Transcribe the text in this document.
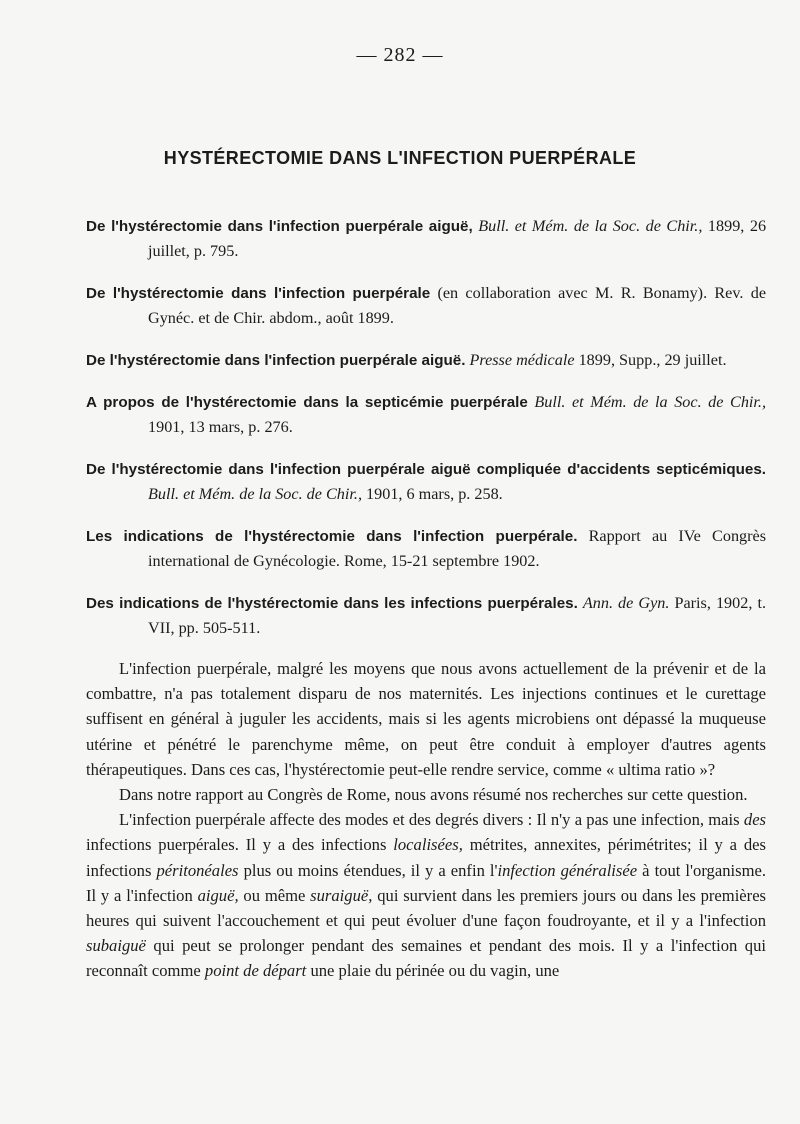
— 282 —
HYSTÉRECTOMIE DANS L'INFECTION PUERPÉRALE
De l'hystérectomie dans l'infection puerpérale aiguë, Bull. et Mém. de la Soc. de Chir., 1899, 26 juillet, p. 795.
De l'hystérectomie dans l'infection puerpérale (en collaboration avec M. R. Bonamy). Rev. de Gynéc. et de Chir. abdom., août 1899.
De l'hystérectomie dans l'infection puerpérale aiguë. Presse médicale 1899, Supp., 29 juillet.
A propos de l'hystérectomie dans la septicémie puerpérale Bull. et Mém. de la Soc. de Chir., 1901, 13 mars, p. 276.
De l'hystérectomie dans l'infection puerpérale aiguë compliquée d'accidents septicémiques. Bull. et Mém. de la Soc. de Chir., 1901, 6 mars, p. 258.
Les indications de l'hystérectomie dans l'infection puerpérale. Rapport au IVe Congrès international de Gynécologie. Rome, 15-21 septembre 1902.
Des indications de l'hystérectomie dans les infections puerpérales. Ann. de Gyn. Paris, 1902, t. VII, pp. 505-511.

L'infection puerpérale, malgré les moyens que nous avons actuellement de la prévenir et de la combattre, n'a pas totalement disparu de nos maternités. Les injections continues et le curettage suffisent en général à juguler les accidents, mais si les agents microbiens ont dépassé la muqueuse utérine et pénétré le parenchyme même, on peut être conduit à employer d'autres agents thérapeutiques. Dans ces cas, l'hystérectomie peut-elle rendre service, comme « ultima ratio »?

Dans notre rapport au Congrès de Rome, nous avons résumé nos recherches sur cette question.

L'infection puerpérale affecte des modes et des degrés divers : Il n'y a pas une infection, mais des infections puerpérales. Il y a des infections localisées, métrites, annexites, périmétrites; il y a des infections péritonéales plus ou moins étendues, il y a enfin l'infection généralisée à tout l'organisme. Il y a l'infection aiguë, ou même suraiguë, qui survient dans les premiers jours ou dans les premières heures qui suivent l'accouchement et qui peut évoluer d'une façon foudroyante, et il y a l'infection subaiguë qui peut se prolonger pendant des semaines et pendant des mois. Il y a l'infection qui reconnaît comme point de départ une plaie du périnée ou du vagin, une
